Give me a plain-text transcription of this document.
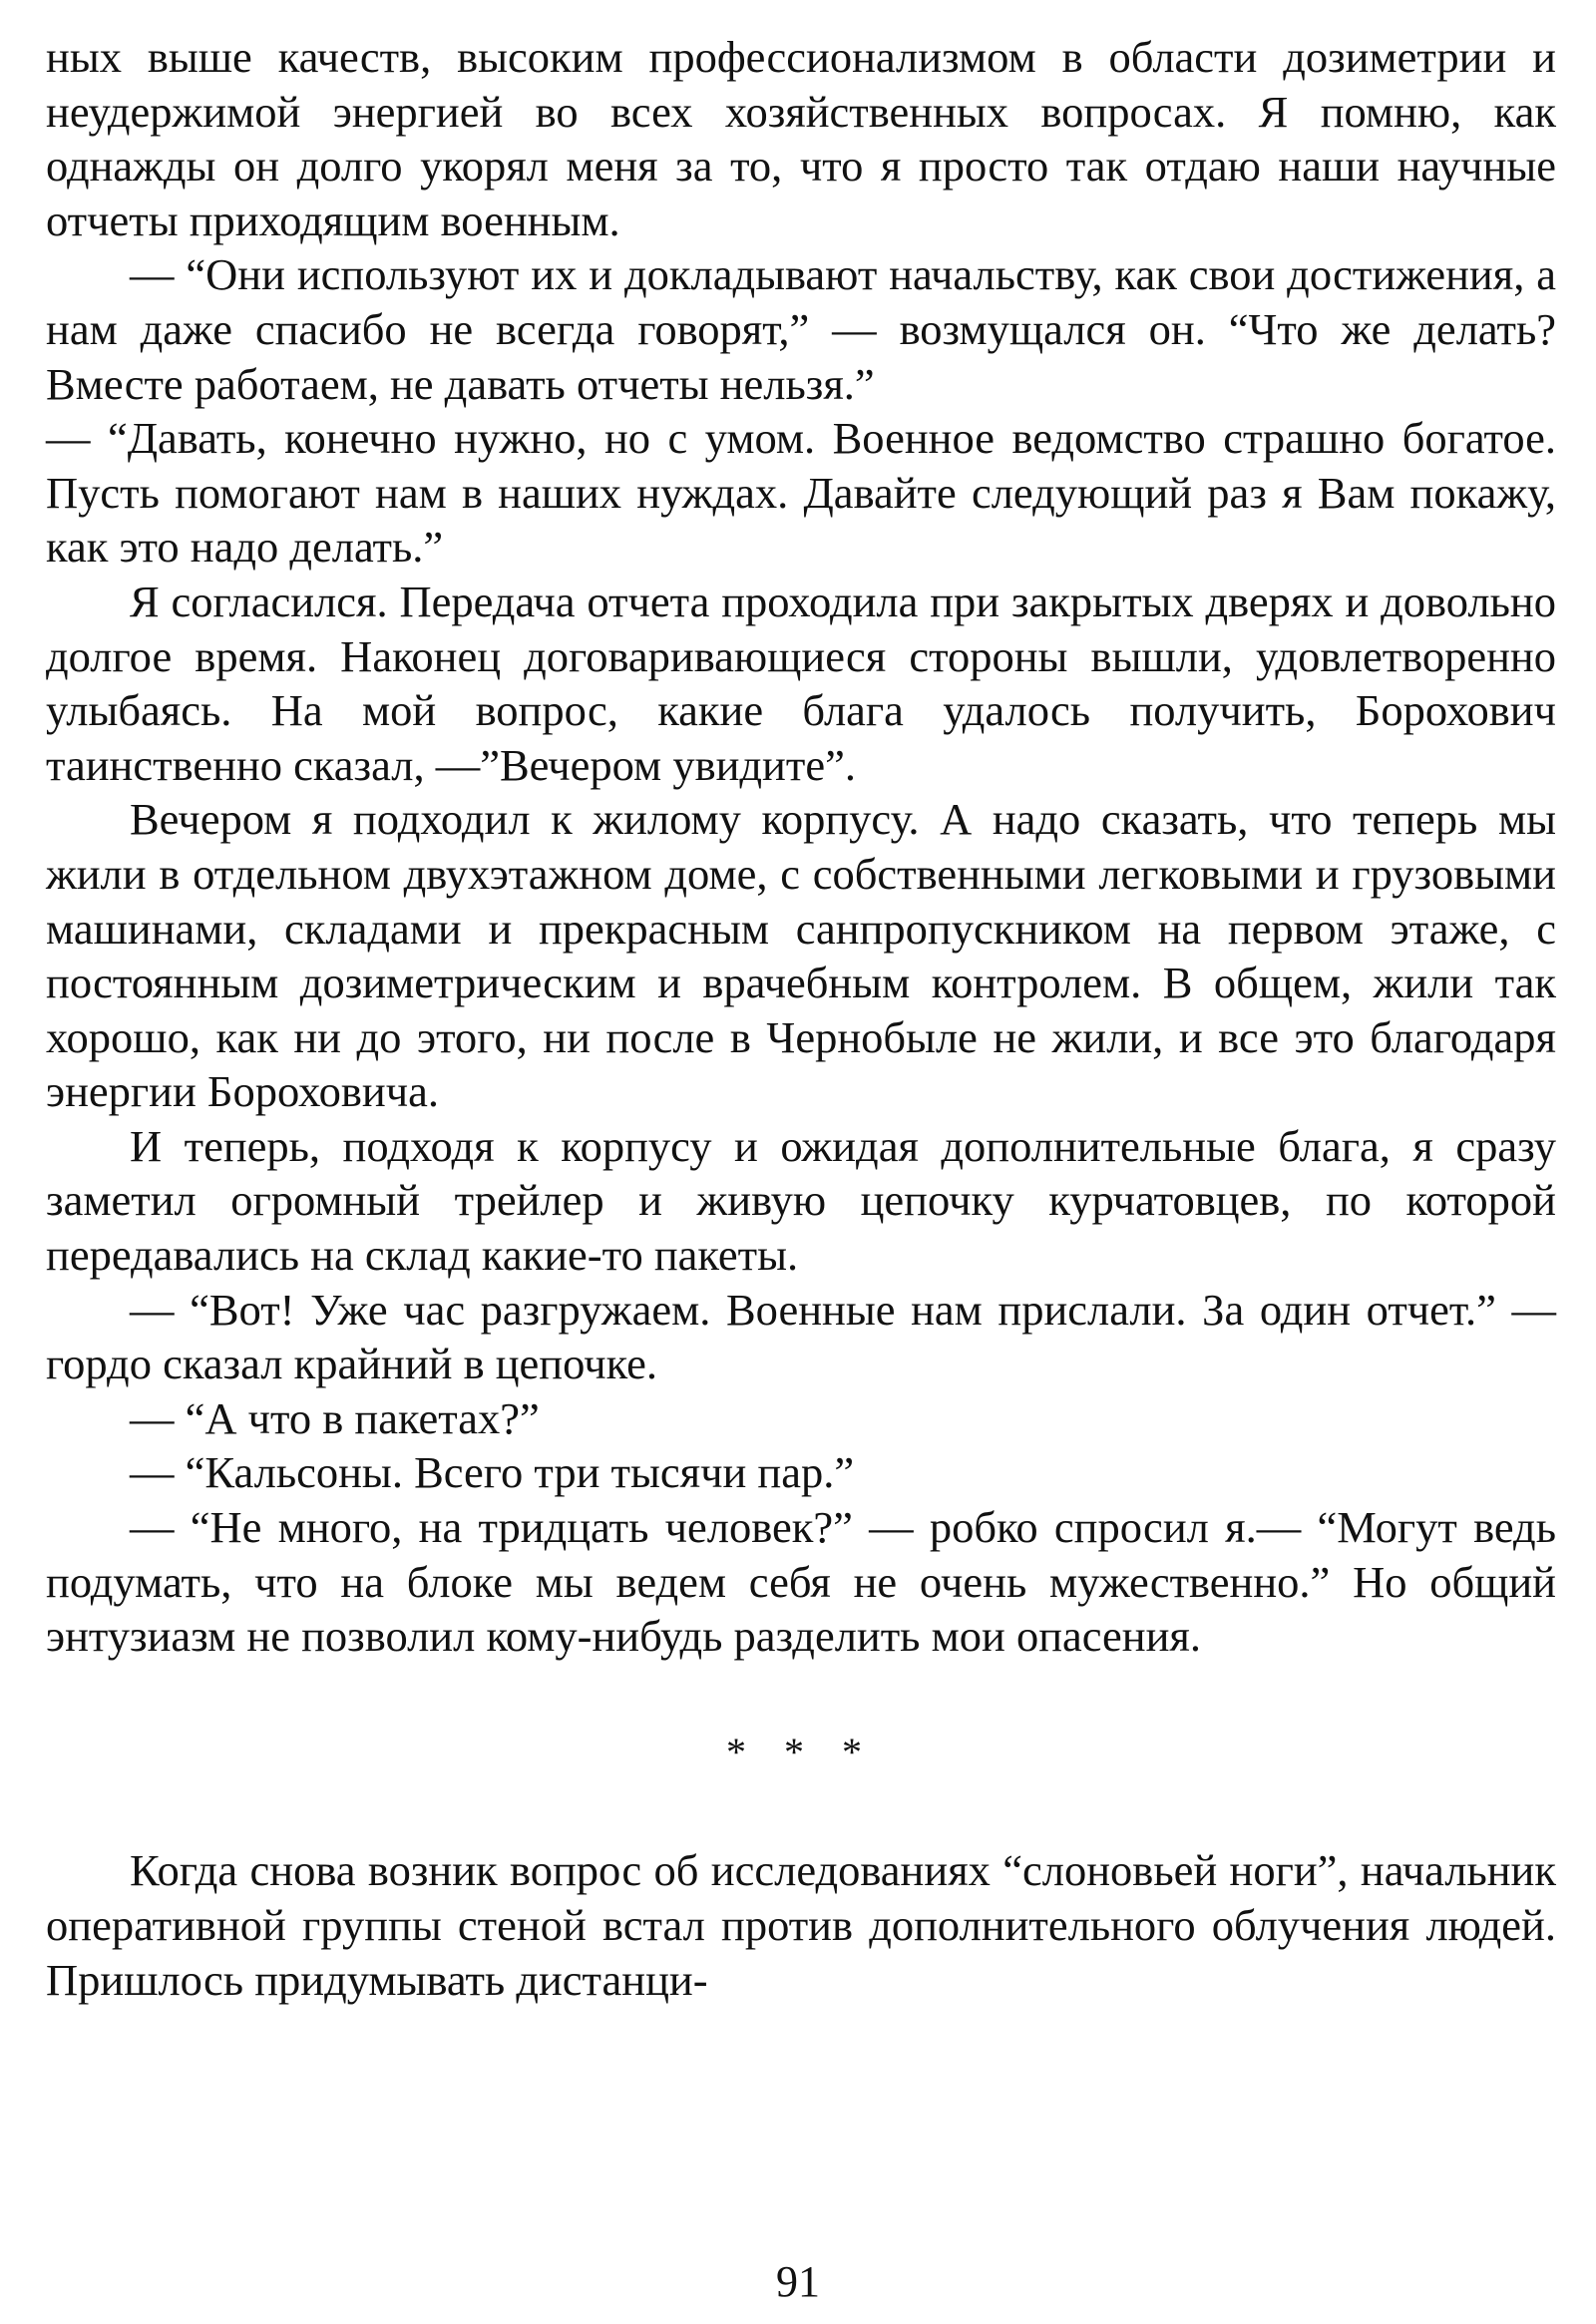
ных выше качеств, высоким профессионализмом в области дозиметрии и неудержимой энергией во всех хозяйственных вопросах. Я помню, как однажды он долго укорял меня за то, что я просто так отдаю наши научные отчеты приходящим военным.

— “Они используют их и докладывают начальству, как свои достижения, а нам даже спасибо не всегда говорят,” — возмущался он. “Что же делать? Вместе работаем, не давать отчеты нельзя.”

— “Давать, конечно нужно, но с умом. Военное ведомство страшно богатое. Пусть помогают нам в наших нуждах. Давайте следующий раз я Вам покажу, как это надо делать.”

Я согласился. Передача отчета проходила при закрытых дверях и довольно долгое время. Наконец договаривающиеся стороны вышли, удовлетворенно улыбаясь. На мой вопрос, какие блага удалось получить, Борохович таинственно сказал, —”Вечером увидите”.

Вечером я подходил к жилому корпусу. А надо сказать, что теперь мы жили в отдельном двухэтажном доме, с собственными легковыми и грузовыми машинами, складами и прекрасным санпропускником на первом этаже, с постоянным дозиметрическим и врачебным контролем. В общем, жили так хорошо, как ни до этого, ни после в Чернобыле не жили, и все это благодаря энергии Бороховича.

И теперь, подходя к корпусу и ожидая дополнительные блага, я сразу заметил огромный трейлер и живую цепочку курчатовцев, по которой передавались на склад какие-то пакеты.

— “Вот! Уже час разгружаем. Военные нам прислали. За один отчет.” — гордо сказал крайний в цепочке.

— “А что в пакетах?”

— “Кальсоны. Всего три тысячи пар.”

— “Не много, на тридцать человек?” — робко спросил я.— “Могут ведь подумать, что на блоке мы ведем себя не очень мужественно.” Но общий энтузиазм не позволил кому-нибудь разделить мои опасения.

* * *

Когда снова возник вопрос об исследованиях “слоновьей ноги”, начальник оперативной группы стеной встал против дополнительного облучения людей. Пришлось придумывать дистанци-

91
